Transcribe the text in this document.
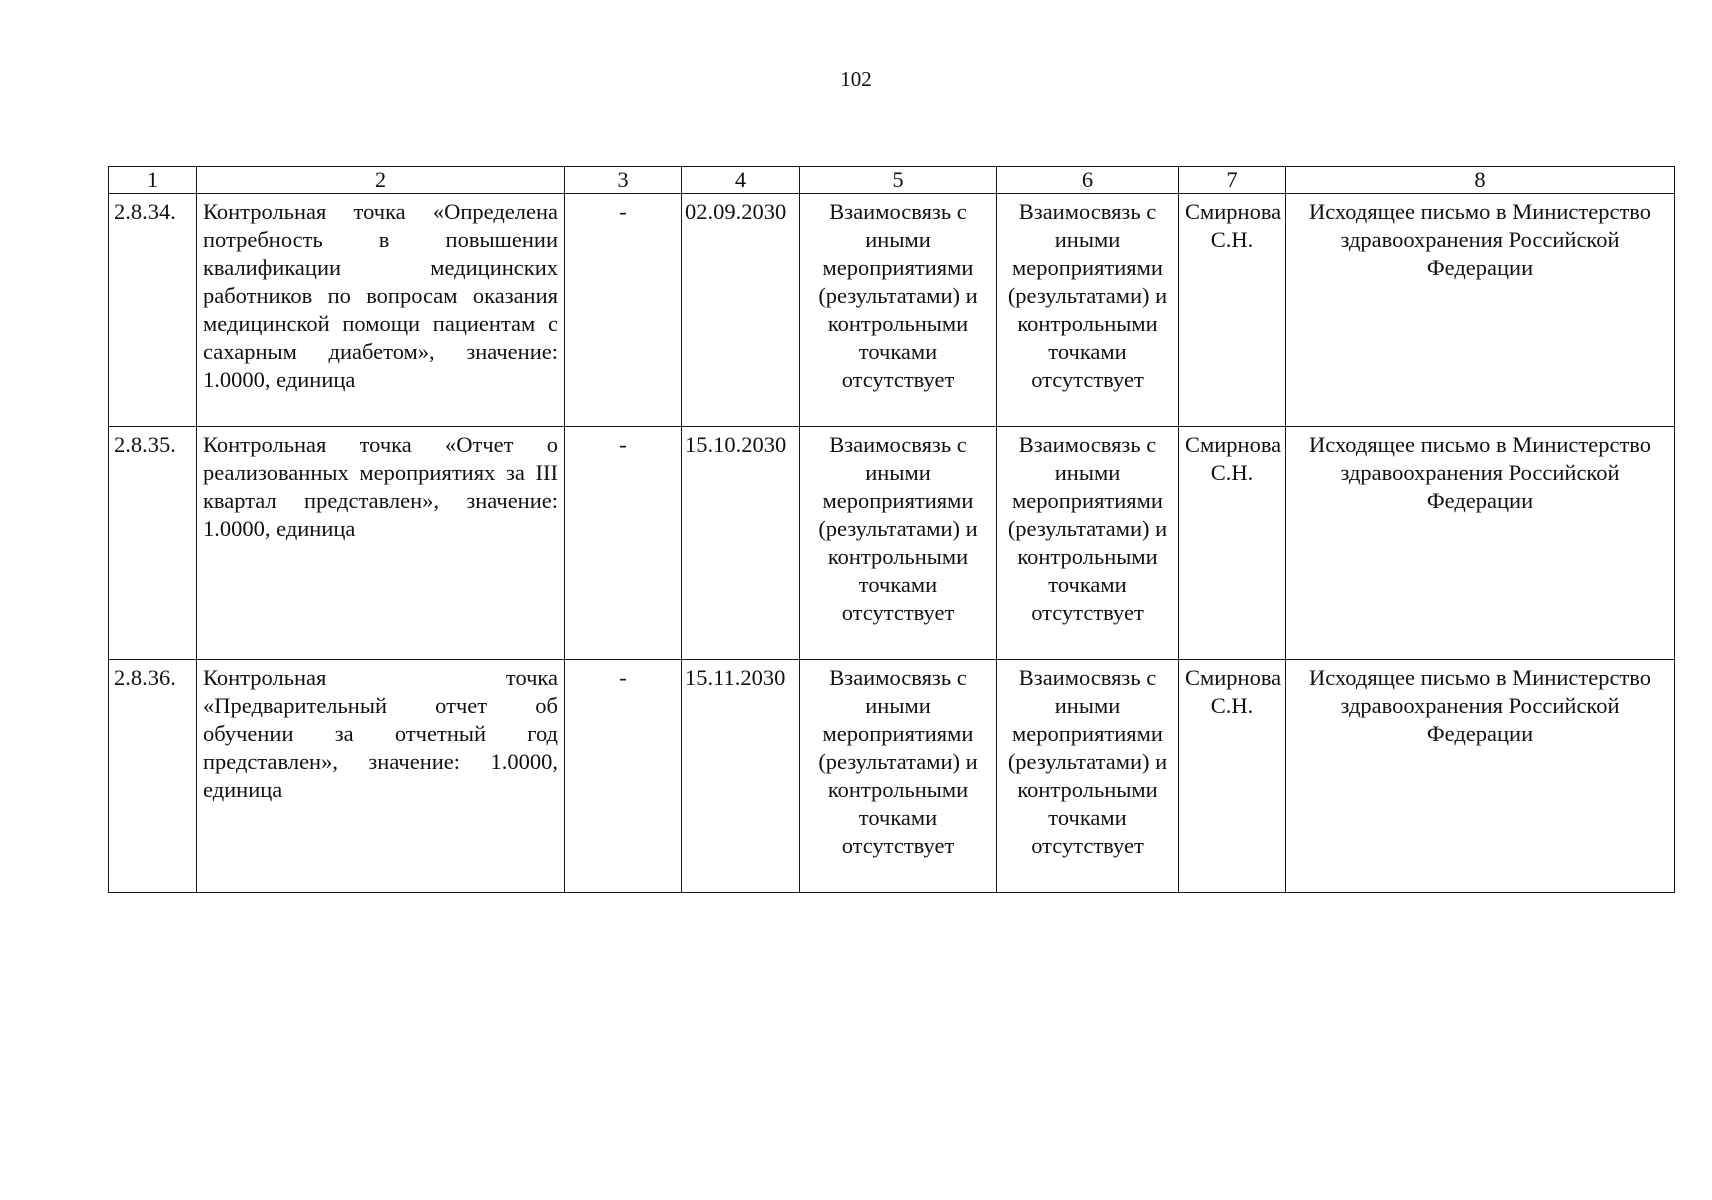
102
1	2	3	4	5	6	7	8
2.8.34.	Контрольная точка «Определена потребность в повышении квалификации медицинских работников по вопросам оказания медицинской помощи пациентам с сахарным диабетом», значение: 1.0000, единица	-	02.09.2030	Взаимосвязь с иными мероприятиями (результатами) и контрольными точками отсутствует	Взаимосвязь с иными мероприятиями (результатами) и контрольными точками отсутствует	Смирнова С.Н.	Исходящее письмо в Министерство здравоохранения Российской Федерации
2.8.35.	Контрольная точка «Отчет о реализованных мероприятиях за III квартал представлен», значение: 1.0000, единица	-	15.10.2030	Взаимосвязь с иными мероприятиями (результатами) и контрольными точками отсутствует	Взаимосвязь с иными мероприятиями (результатами) и контрольными точками отсутствует	Смирнова С.Н.	Исходящее письмо в Министерство здравоохранения Российской Федерации
2.8.36.	Контрольная точка «Предварительный отчет об обучении за отчетный год представлен», значение: 1.0000, единица	-	15.11.2030	Взаимосвязь с иными мероприятиями (результатами) и контрольными точками отсутствует	Взаимосвязь с иными мероприятиями (результатами) и контрольными точками отсутствует	Смирнова С.Н.	Исходящее письмо в Министерство здравоохранения Российской Федерации
